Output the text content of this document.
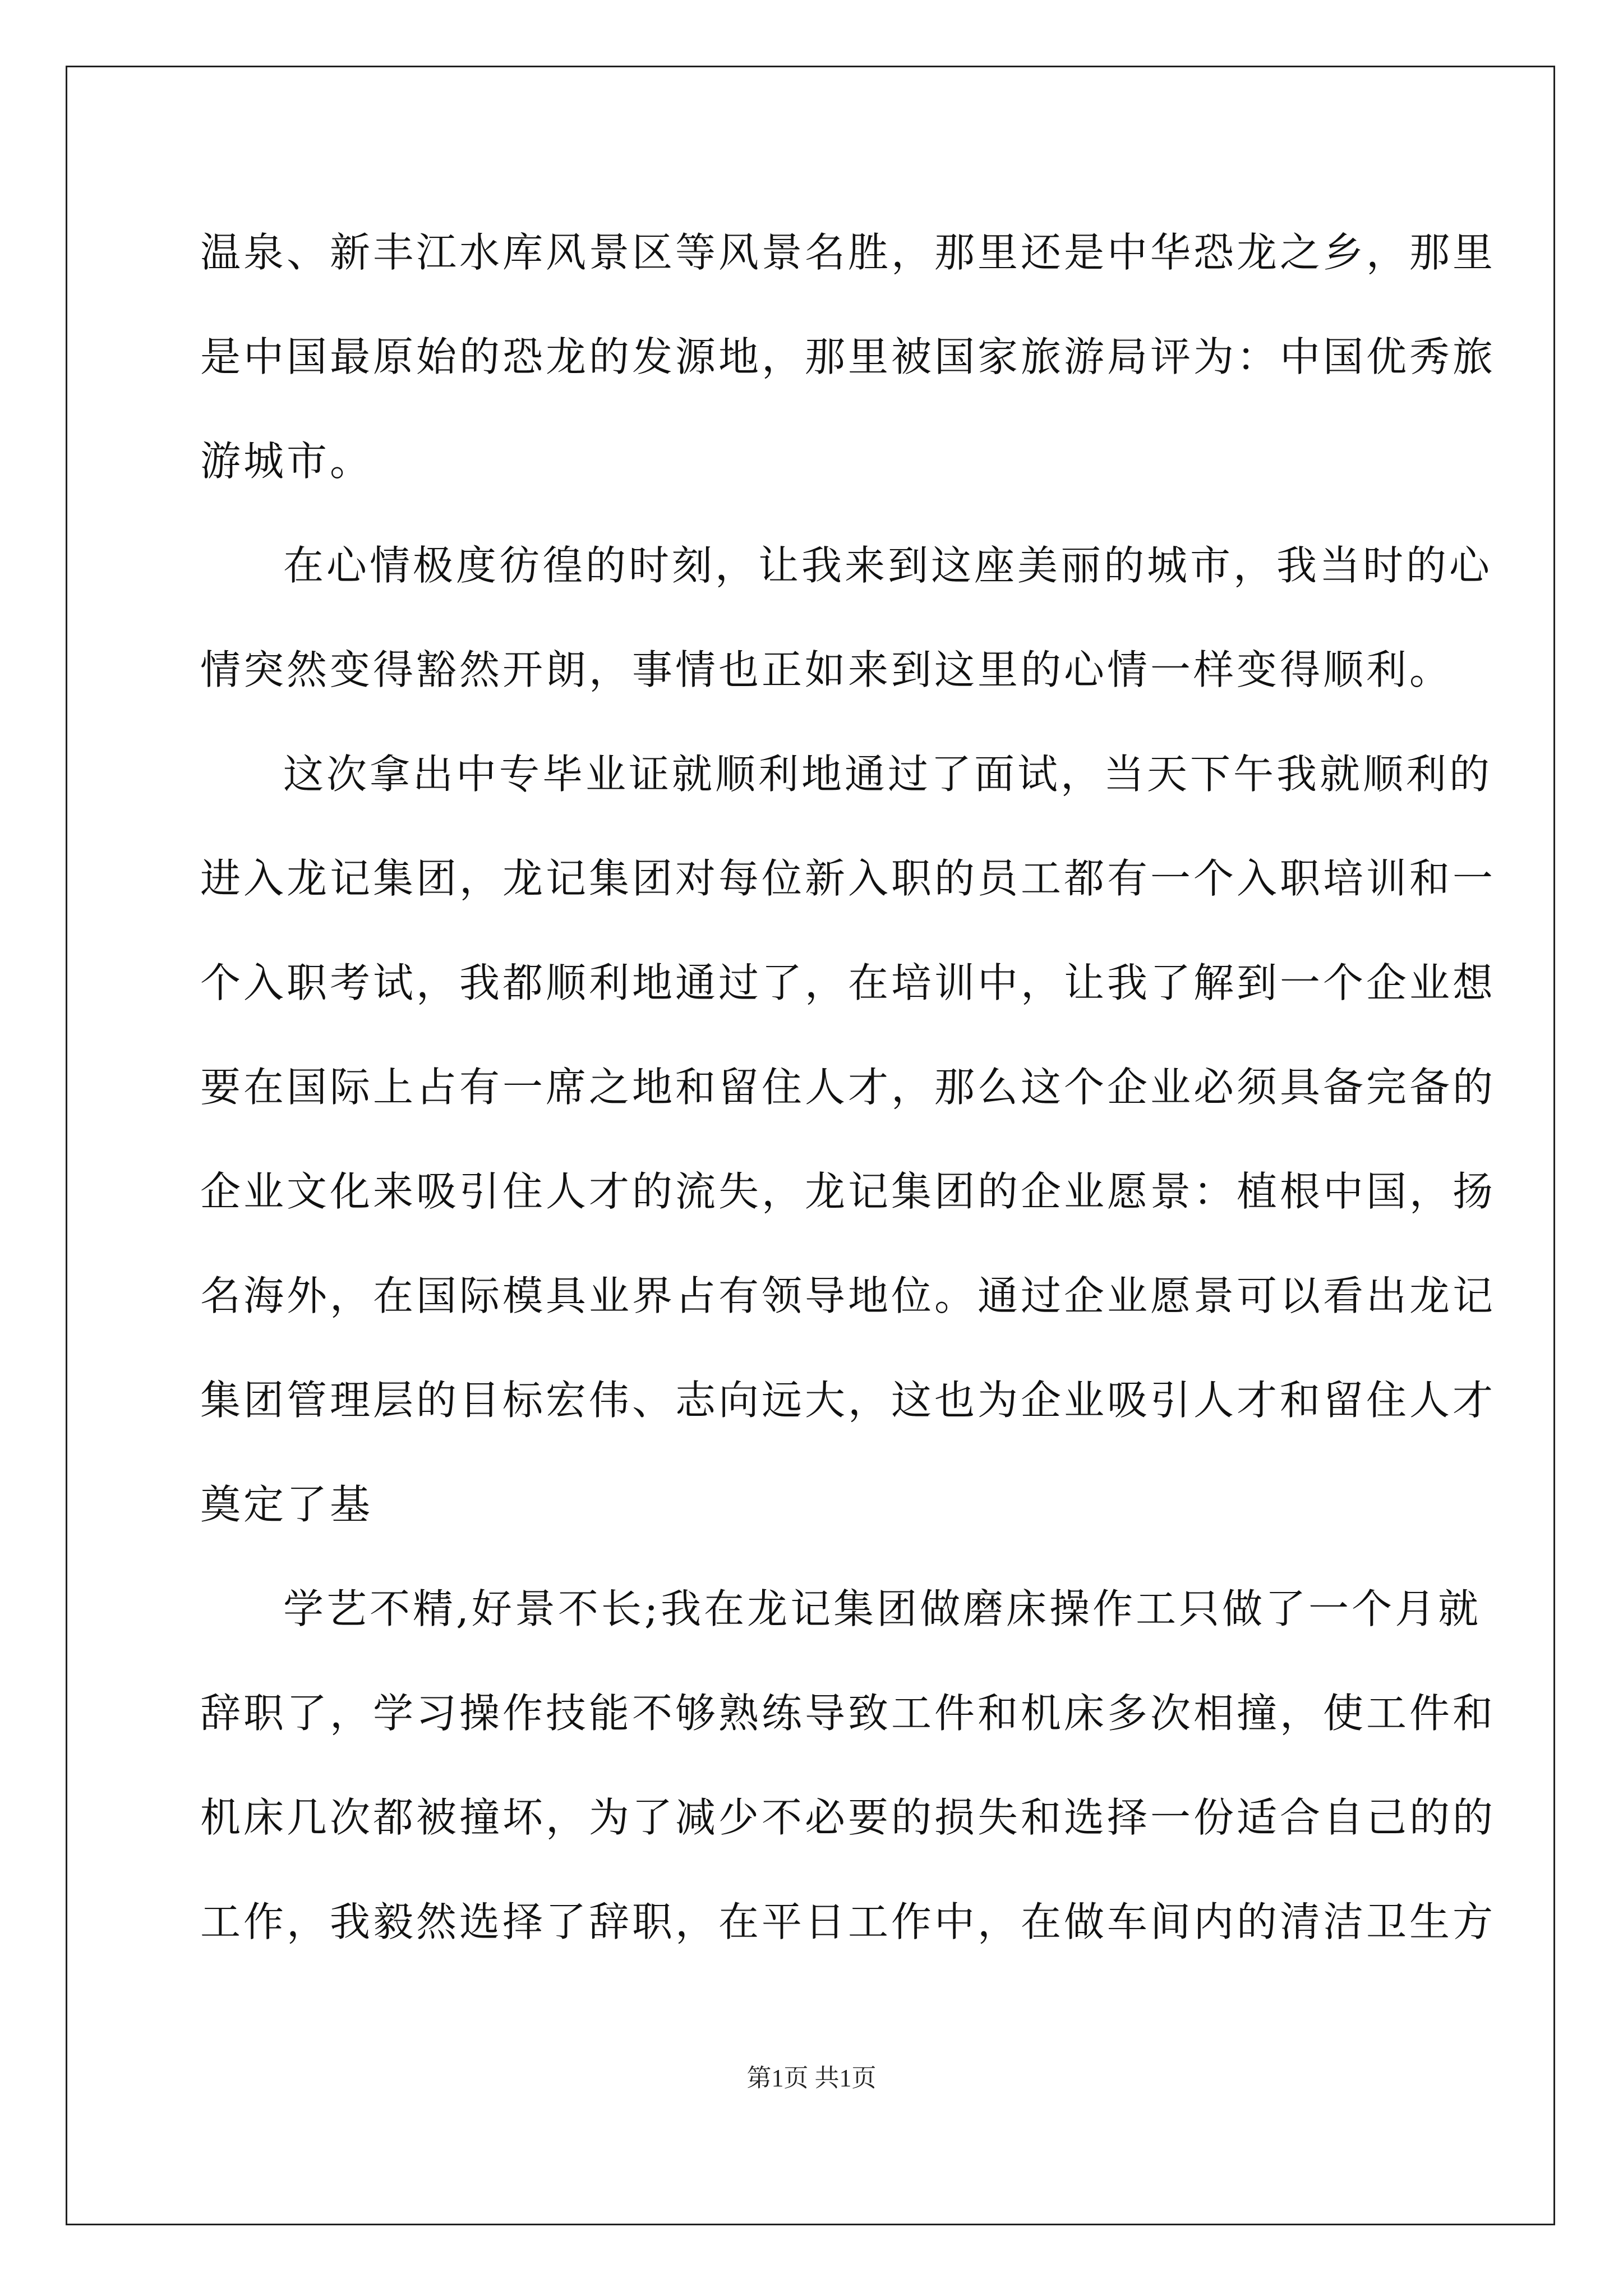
温泉、新丰江水库风景区等风景名胜，那里还是中华恐龙之乡，那里
是中国最原始的恐龙的发源地，那里被国家旅游局评为：中国优秀旅
游城市。
在心情极度彷徨的时刻，让我来到这座美丽的城市，我当时的心
情突然变得豁然开朗，事情也正如来到这里的心情一样变得顺利。
这次拿出中专毕业证就顺利地通过了面试，当天下午我就顺利的
进入龙记集团，龙记集团对每位新入职的员工都有一个入职培训和一
个入职考试，我都顺利地通过了，在培训中，让我了解到一个企业想
要在国际上占有一席之地和留住人才，那么这个企业必须具备完备的
企业文化来吸引住人才的流失，龙记集团的企业愿景：植根中国，扬
名海外，在国际模具业界占有领导地位。通过企业愿景可以看出龙记
集团管理层的目标宏伟、志向远大，这也为企业吸引人才和留住人才
奠定了基
学艺不精,好景不长;我在龙记集团做磨床操作工只做了一个月就
辞职了，学习操作技能不够熟练导致工件和机床多次相撞，使工件和
机床几次都被撞坏，为了减少不必要的损失和选择一份适合自己的的
工作，我毅然选择了辞职，在平日工作中，在做车间内的清洁卫生方
第1页 共1页
